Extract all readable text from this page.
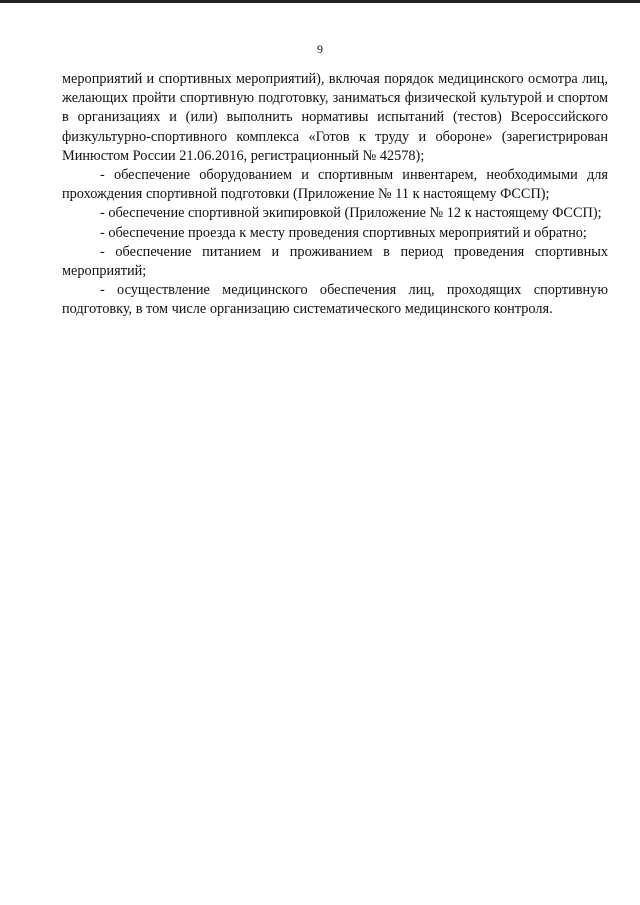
9

мероприятий и спортивных мероприятий), включая порядок медицинского осмотра лиц, желающих пройти спортивную подготовку, заниматься физической культурой и спортом в организациях и (или) выполнить нормативы испытаний (тестов) Всероссийского физкультурно-спортивного комплекса «Готов к труду и обороне» (зарегистрирован Минюстом России 21.06.2016, регистрационный № 42578);

- обеспечение оборудованием и спортивным инвентарем, необходимыми для прохождения спортивной подготовки (Приложение № 11 к настоящему ФССП);

- обеспечение спортивной экипировкой (Приложение № 12 к настоящему ФССП);

- обеспечение проезда к месту проведения спортивных мероприятий и обратно;

- обеспечение питанием и проживанием в период проведения спортивных мероприятий;

- осуществление медицинского обеспечения лиц, проходящих спортивную подготовку, в том числе организацию систематического медицинского контроля.
